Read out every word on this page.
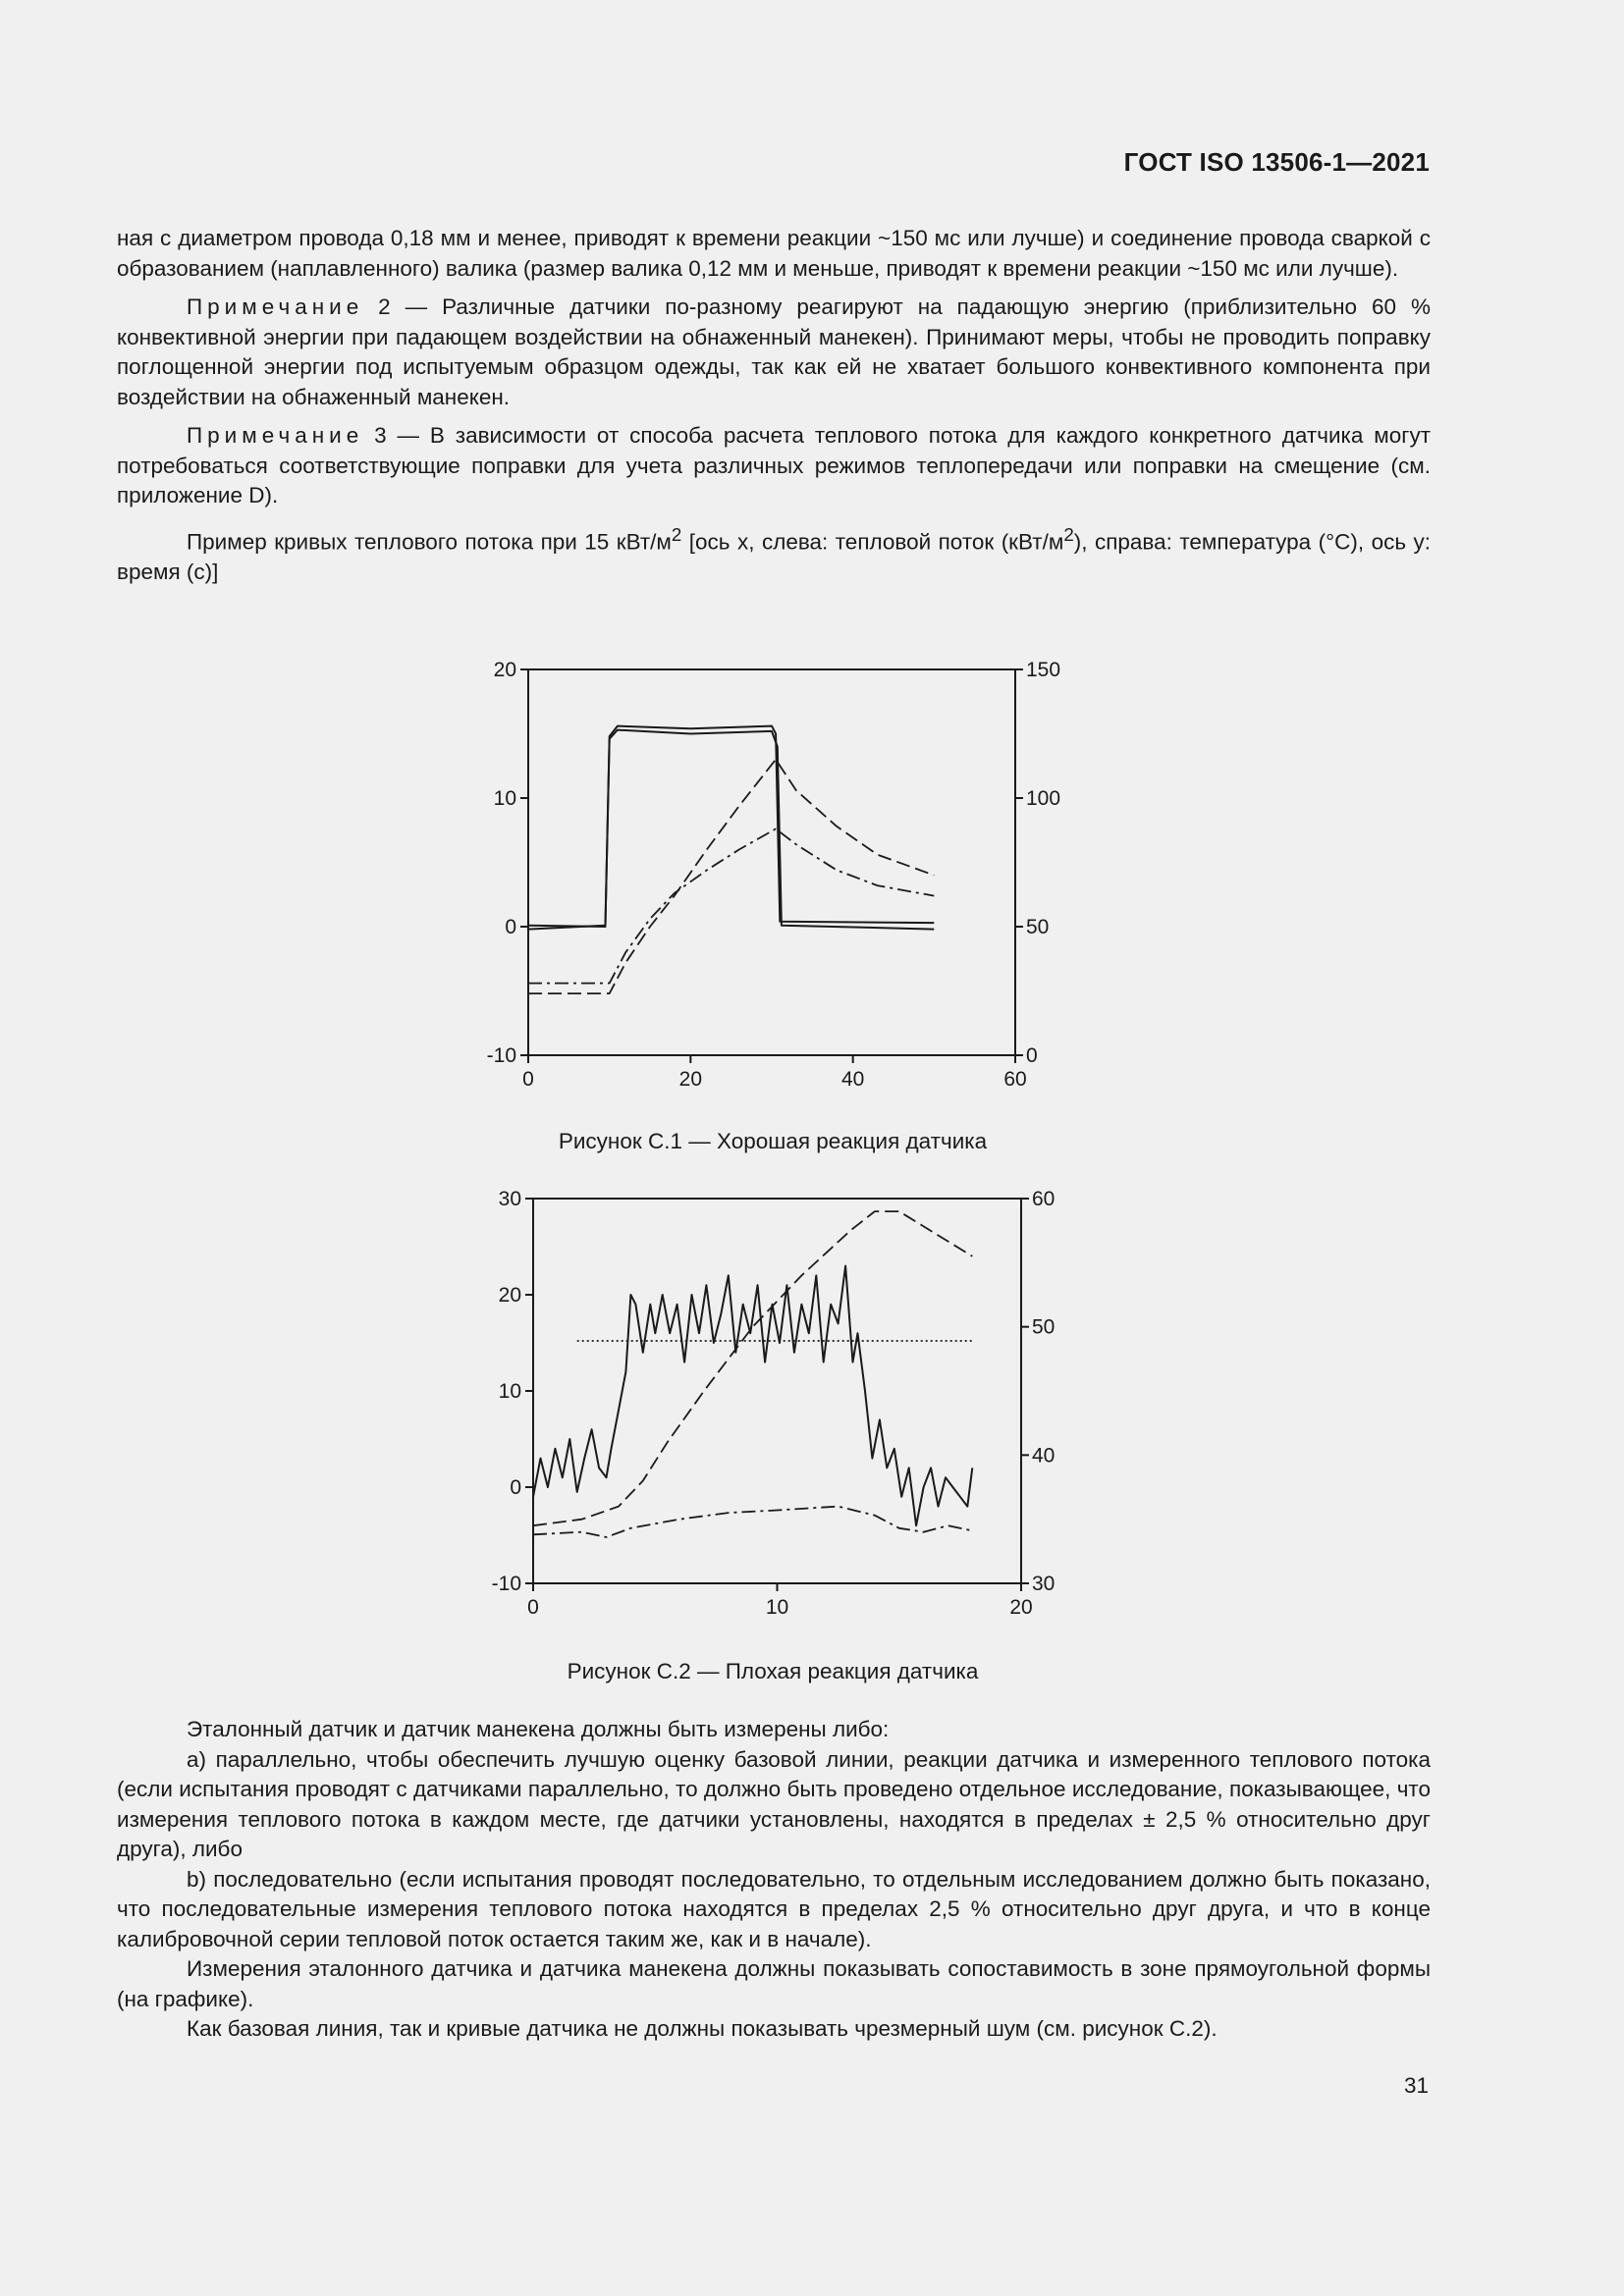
ГОСТ ISO 13506-1—2021

ная с диаметром провода 0,18 мм и менее, приводят к времени реакции ~150 мс или лучше) и соединение провода сваркой с образованием (наплавленного) валика (размер валика 0,12 мм и меньше, приводят к времени реакции ~150 мс или лучше).

Примечание 2 — Различные датчики по-разному реагируют на падающую энергию (приблизительно 60 % конвективной энергии при падающем воздействии на обнаженный манекен). Принимают меры, чтобы не проводить поправку поглощенной энергии под испытуемым образцом одежды, так как ей не хватает большого конвективного компонента при воздействии на обнаженный манекен.

Примечание 3 — В зависимости от способа расчета теплового потока для каждого конкретного датчика могут потребоваться соответствующие поправки для учета различных режимов теплопередачи или поправки на смещение (см. приложение D).

Пример кривых теплового потока при 15 кВт/$м^2$ [ось x, слева: тепловой поток $(кВт/м^2)$, справа: температура (°C), ось y: время (с)]

0	20	40	60
-10
0
10
20
0
50
100
150
Рисунок С.1 — Хорошая реакция датчика
0	10	20
-10
0
10
20
30
30
40
50
60
Рисунок С.2 — Плохая реакция датчика

Эталонный датчик и датчик манекена должны быть измерены либо:

а) параллельно, чтобы обеспечить лучшую оценку базовой линии, реакции датчика и измеренного теплового потока (если испытания проводят с датчиками параллельно, то должно быть проведено отдельное исследование, показывающее, что измерения теплового потока в каждом месте, где датчики установлены, находятся в пределах ± 2,5 % относительно друг друга), либо

b) последовательно (если испытания проводят последовательно, то отдельным исследованием должно быть показано, что последовательные измерения теплового потока находятся в пределах 2,5 % относительно друг друга, и что в конце калибровочной серии тепловой поток остается таким же, как и в начале).

Измерения эталонного датчика и датчика манекена должны показывать сопоставимость в зоне прямоугольной формы (на графике).

Как базовая линия, так и кривые датчика не должны показывать чрезмерный шум (см. рисунок С.2).

31
